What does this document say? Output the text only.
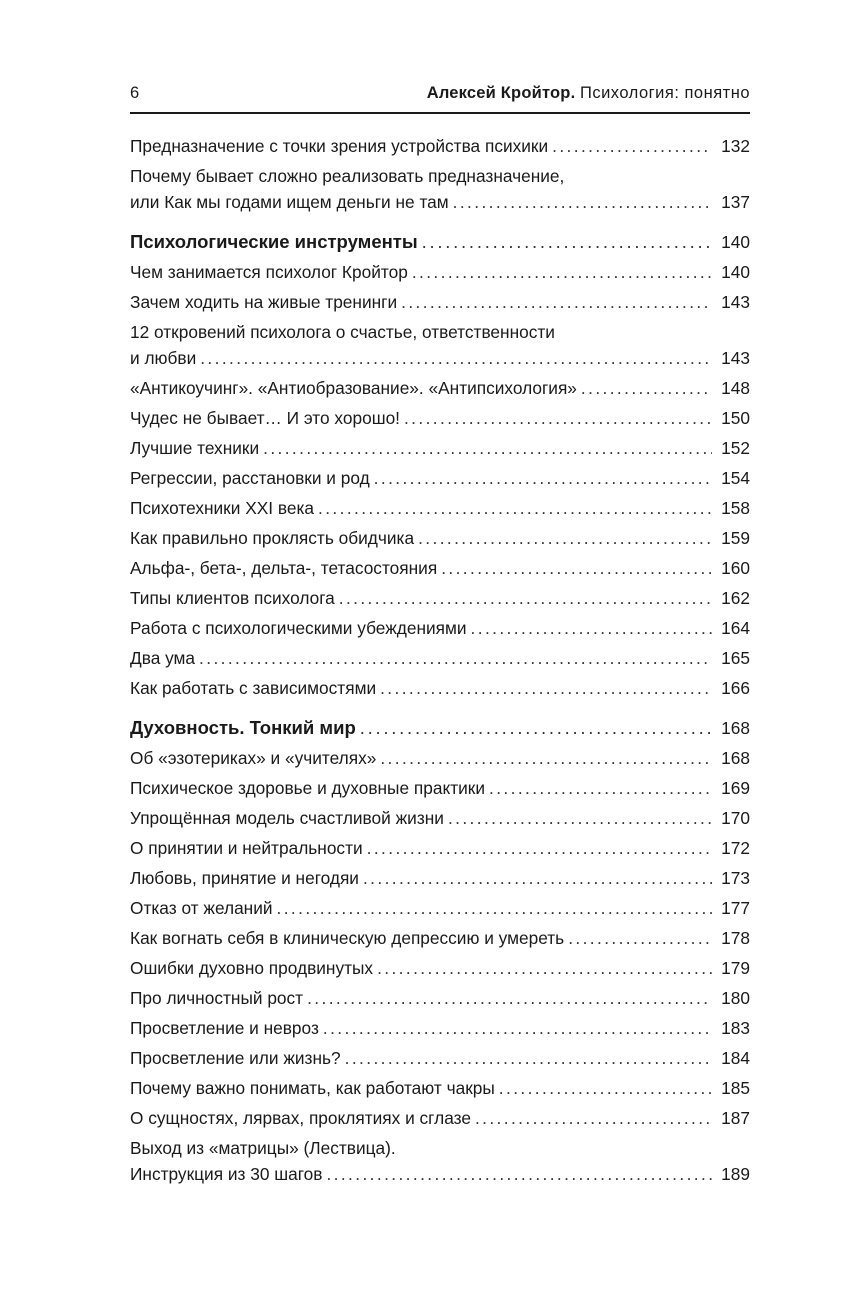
6	Алексей Кройтор. Психология: понятно
Предназначение с точки зрения устройства психики . . .	132
Почему бывает сложно реализовать предназначение,
или Как мы годами ищем деньги не там . . .	137
Психологические инструменты . . .	140
Чем занимается психолог Кройтор . . .	140
Зачем ходить на живые тренинги . . .	143
12 откровений психолога о счастье, ответственности
и любви . . .	143
«Антикоучинг». «Антиобразование». «Антипсихология» . . .	148
Чудес не бывает… И это хорошо! . . .	150
Лучшие техники . . .	152
Регрессии, расстановки и род . . .	154
Психотехники XXI века . . .	158
Как правильно проклясть обидчика . . .	159
Альфа-, бета-, дельта-, тетасостояния . . .	160
Типы клиентов психолога . . .	162
Работа с психологическими убеждениями . . .	164
Два ума . . .	165
Как работать с зависимостями . . .	166
Духовность. Тонкий мир . . .	168
Об «эзотериках» и «учителях» . . .	168
Психическое здоровье и духовные практики . . .	169
Упрощённая модель счастливой жизни . . .	170
О принятии и нейтральности . . .	172
Любовь, принятие и негодяи . . .	173
Отказ от желаний . . .	177
Как вогнать себя в клиническую депрессию и умереть . . .	178
Ошибки духовно продвинутых . . .	179
Про личностный рост . . .	180
Просветление и невроз . . .	183
Просветление или жизнь? . . .	184
Почему важно понимать, как работают чакры . . .	185
О сущностях, лярвах, проклятиях и сглазе . . .	187
Выход из «матрицы» (Лествица).
Инструкция из 30 шагов . . .	189
